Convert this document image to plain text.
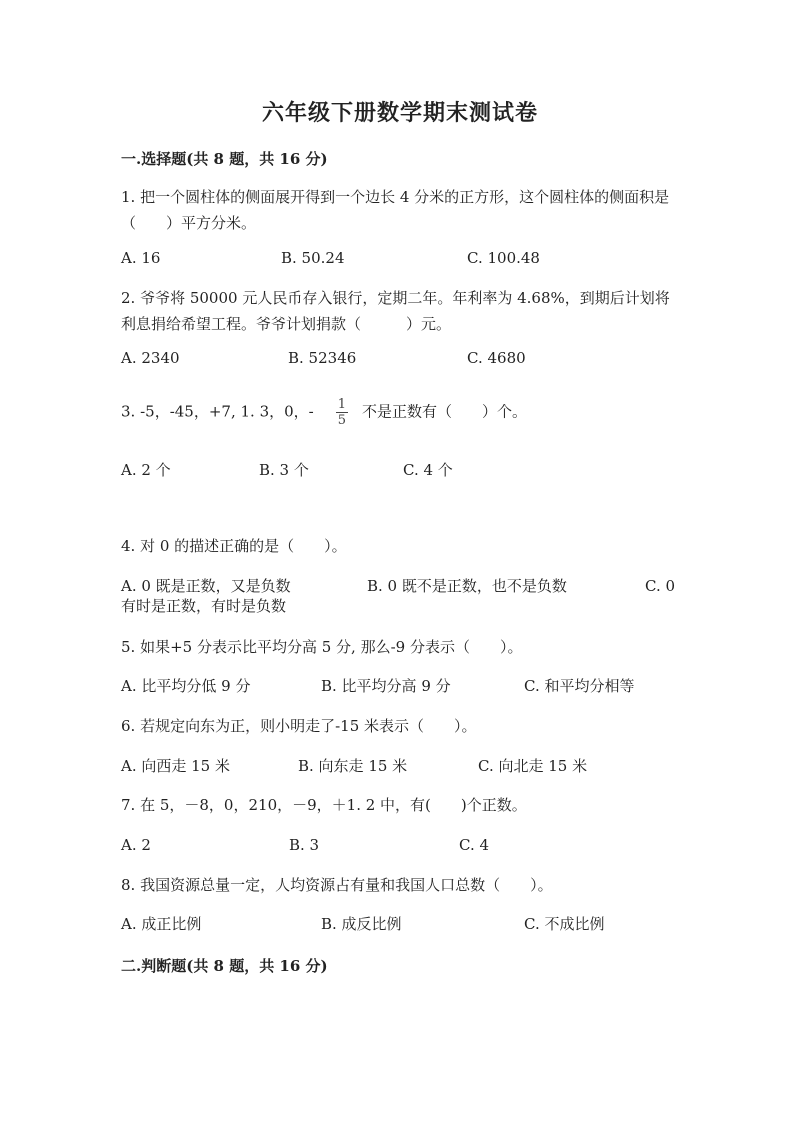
六年级下册数学期末测试卷
一.选择题(共 8 题，共 16 分)
1. 把一个圆柱体的侧面展开得到一个边长 4 分米的正方形，这个圆柱体的侧面积是（　　）平方分米。
A. 16	B. 50.24	C. 100.48
2. 爷爷将 50000 元人民币存入银行，定期二年。年利率为 4.68%，到期后计划将利息捐给希望工程。爷爷计划捐款（　　　）元。
A. 2340	B. 52346	C. 4680
3. -5，-45，+7, 1. 3，0，- $\frac{1}{5}$ 不是正数有（　　）个。
A. 2 个	B. 3 个	C. 4 个
4. 对 0 的描述正确的是（　　）。
A. 0 既是正数，又是负数	B. 0 既不是正数，也不是负数	C. 0
有时是正数，有时是负数
5. 如果+5 分表示比平均分高 5 分, 那么-9 分表示（　　）。
A. 比平均分低 9 分	B. 比平均分高 9 分	C. 和平均分相等
6. 若规定向东为正，则小明走了-15 米表示（　　）。
A. 向西走 15 米	B. 向东走 15 米	C. 向北走 15 米
7. 在 5，－8，0，210，－9，＋1. 2 中，有(　　)个正数。
A. 2	B. 3	C. 4
8. 我国资源总量一定，人均资源占有量和我国人口总数（　　）。
A. 成正比例	B. 成反比例	C. 不成比例
二.判断题(共 8 题，共 16 分)
